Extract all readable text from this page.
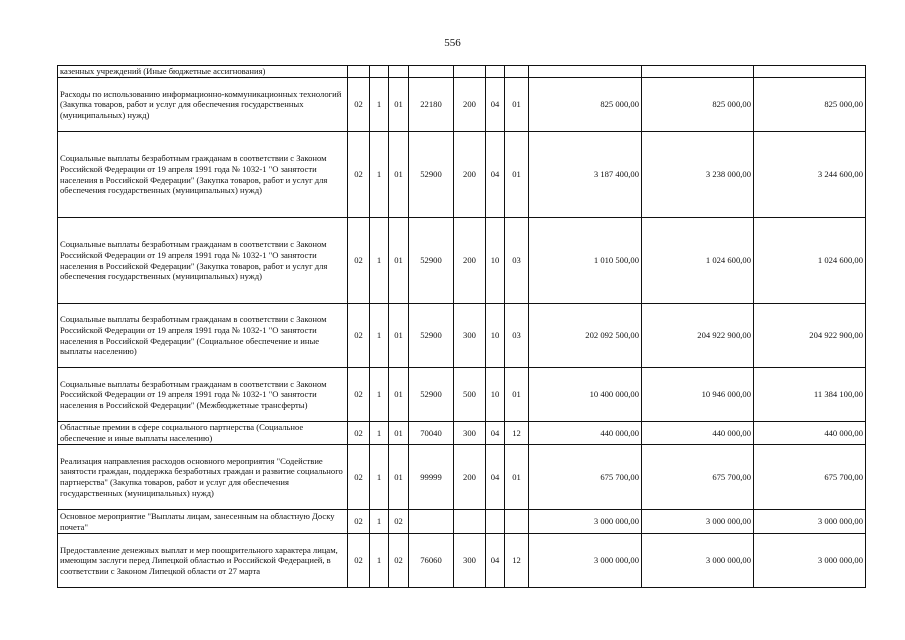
556
казенных учреждений (Иные бюджетные ассигнования)										
Расходы по использованию информационно-коммуникационных технологий (Закупка товаров, работ и услуг для обеспечения государственных (муниципальных) нужд)	02	1	01	22180	200	04	01	825 000,00	825 000,00	825 000,00
Социальные выплаты безработным гражданам в соответствии с Законом Российской Федерации от 19 апреля 1991 года № 1032-1 "О занятости населения в Российской Федерации" (Закупка товаров, работ и услуг для обеспечения государственных (муниципальных) нужд)	02	1	01	52900	200	04	01	3 187 400,00	3 238 000,00	3 244 600,00
Социальные выплаты безработным гражданам в соответствии с Законом Российской Федерации от 19 апреля 1991 года № 1032-1 "О занятости населения в Российской Федерации" (Закупка товаров, работ и услуг для обеспечения государственных (муниципальных) нужд)	02	1	01	52900	200	10	03	1 010 500,00	1 024 600,00	1 024 600,00
Социальные выплаты безработным гражданам в соответствии с Законом Российской Федерации от 19 апреля 1991 года № 1032-1 "О занятости населения в Российской Федерации" (Социальное обеспечение и иные выплаты населению)	02	1	01	52900	300	10	03	202 092 500,00	204 922 900,00	204 922 900,00
Социальные выплаты безработным гражданам в соответствии с Законом Российской Федерации от 19 апреля 1991 года № 1032-1 "О занятости населения в Российской Федерации" (Межбюджетные трансферты)	02	1	01	52900	500	10	01	10 400 000,00	10 946 000,00	11 384 100,00
Областные премии в сфере социального партнерства (Социальное обеспечение и иные выплаты населению)	02	1	01	70040	300	04	12	440 000,00	440 000,00	440 000,00
Реализация направления расходов основного мероприятия "Содействие занятости граждан, поддержка безработных граждан и развитие социального партнерства" (Закупка товаров, работ и услуг для обеспечения государственных (муниципальных) нужд)	02	1	01	99999	200	04	01	675 700,00	675 700,00	675 700,00
Основное мероприятие "Выплаты лицам, занесенным на областную Доску почета"	02	1	02					3 000 000,00	3 000 000,00	3 000 000,00
Предоставление денежных выплат и мер поощрительного характера лицам, имеющим заслуги перед Липецкой областью и Российской Федерацией, в соответствии с Законом Липецкой области от 27 марта	02	1	02	76060	300	04	12	3 000 000,00	3 000 000,00	3 000 000,00
